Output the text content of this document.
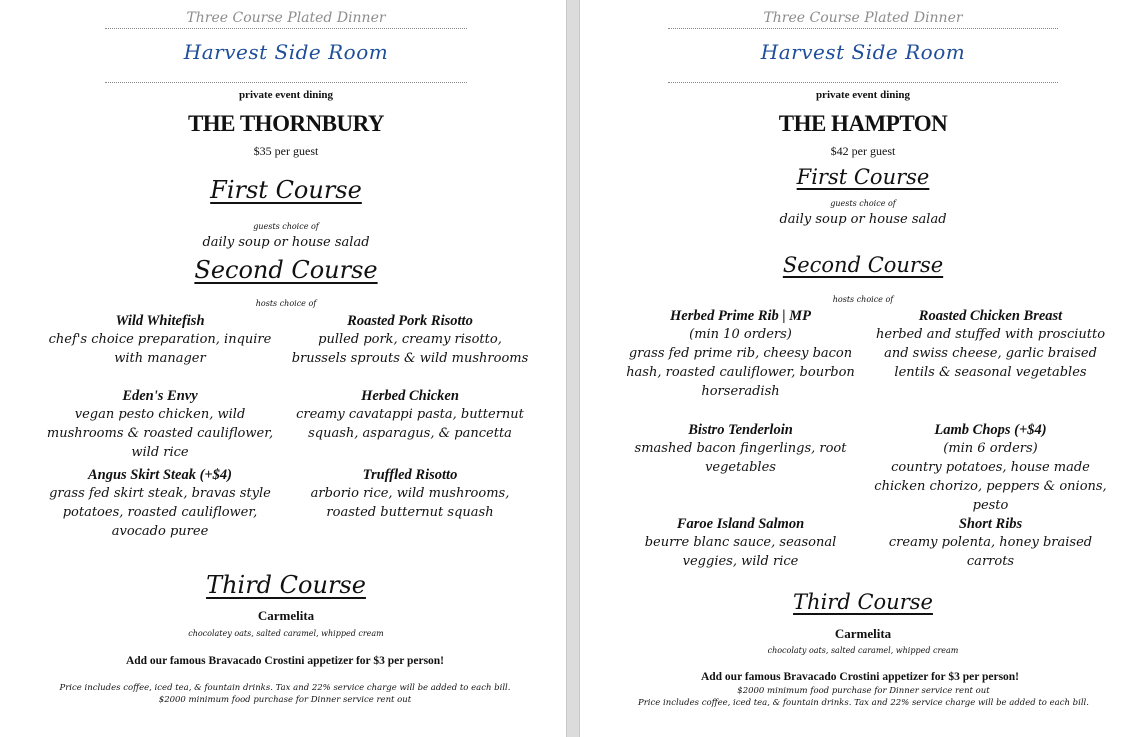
Three Course Plated Dinner
Harvest Side Room
private event dining
THE THORNBURY
$35 per guest
First Course
guests choice of
daily soup or house salad
Second Course
hosts choice of
Wild Whitefish
chef's choice preparation, inquire with manager
Roasted Pork Risotto
pulled pork, creamy risotto, brussels sprouts & wild mushrooms
Eden's Envy
vegan pesto chicken, wild mushrooms & roasted cauliflower, wild rice
Herbed Chicken
creamy cavatappi pasta, butternut squash, asparagus, & pancetta
Angus Skirt Steak (+$4)
grass fed skirt steak, bravas style potatoes, roasted cauliflower, avocado puree
Truffled Risotto
arborio rice, wild mushrooms, roasted butternut squash
Third Course
Carmelita
chocolatey oats, salted caramel, whipped cream
Add our famous Bravacado Crostini appetizer for $3 per person!
Price includes coffee, iced tea, & fountain drinks. Tax and 22% service charge will be added to each bill.
$2000 minimum food purchase for Dinner service rent out
Three Course Plated Dinner
Harvest Side Room
private event dining
THE HAMPTON
$42 per guest
First Course
guests choice of
daily soup or house salad
Second Course
hosts choice of
Herbed Prime Rib | MP
(min 10 orders)
grass fed prime rib, cheesy bacon hash, roasted cauliflower, bourbon horseradish
Roasted Chicken Breast
herbed and stuffed with prosciutto and swiss cheese, garlic braised lentils & seasonal vegetables
Bistro Tenderloin
smashed bacon fingerlings, root vegetables
Lamb Chops (+$4)
(min 6 orders)
country potatoes, house made chicken chorizo, peppers & onions, pesto
Faroe Island Salmon
beurre blanc sauce, seasonal veggies, wild rice
Short Ribs
creamy polenta, honey braised carrots
Third Course
Carmelita
chocolaty oats, salted caramel, whipped cream
Add our famous Bravacado Crostini appetizer for $3 per person!
$2000 minimum food purchase for Dinner service rent out
Price includes coffee, iced tea, & fountain drinks. Tax and 22% service charge will be added to each bill.
